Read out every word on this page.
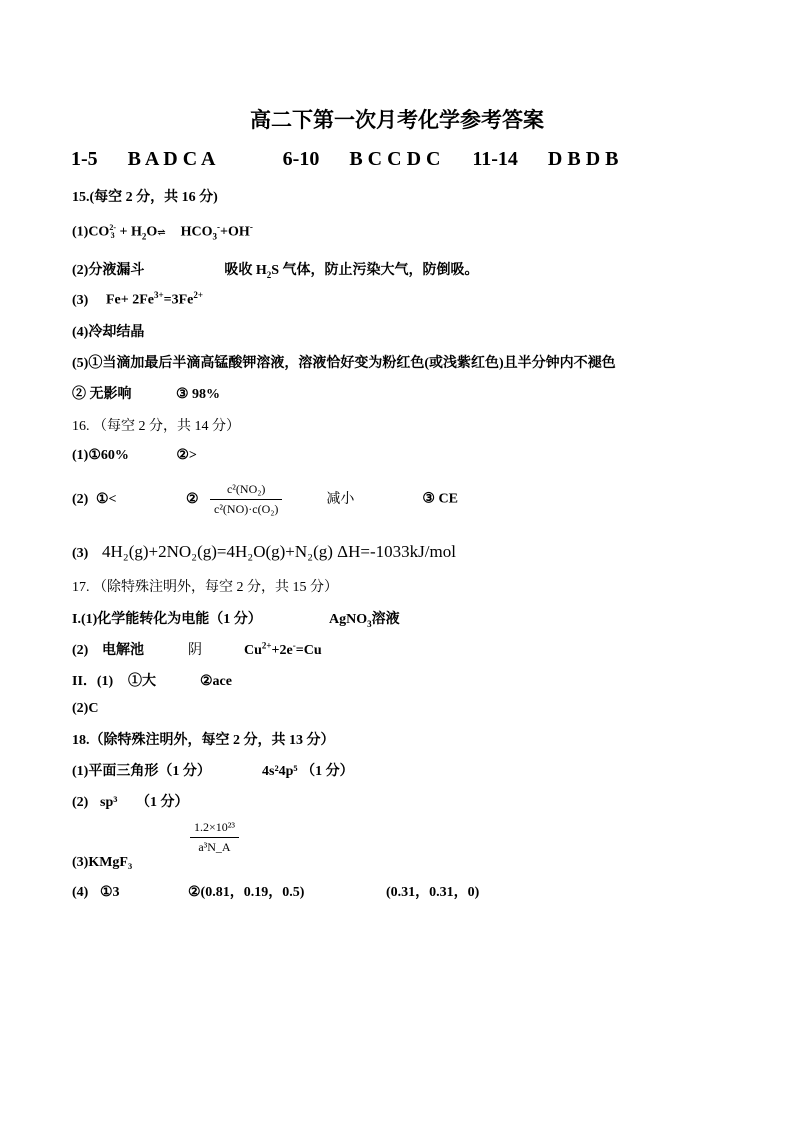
高二下第一次月考化学参考答案
1-5 B A D C A	6-10 B C C D C 11-14 D B D B
15.(每空 2 分，共 16 分)
(1)CO2-
$3 + H_2O\rightleftharpoons$ $HCO_3^-+OH^-$
(2)分液漏斗	吸收 $H_2S$ 气体，防止污染大气，防倒吸。
(3) $Fe+ 2Fe^{3+}=3Fe^{2+}$
(4)冷却结晶
(5)①当滴加最后半滴高锰酸钾溶液，溶液恰好变为粉红色(或浅紫红色)且半分钟内不褪色
② 无影响	③ 98%
16. （每空 2 分，共 14 分）
(1)①60%	②>
(2) ①<	② $\frac{\text{c²(NO₂)}}{\text{c²(NO)·c(O₂)}}$	减小	③ CE
(3) 4H₂(g)+2NO₂(g)=4H₂O(g)+N₂(g) ΔH=-1033kJ/mol
17. （除特殊注明外，每空 2 分，共 15 分）
I.(1)化学能转化为电能（1 分）	AgNO$_3$溶液
(2) 电解池	阴	$Cu^{2+}+2e^-=Cu$
II．(1) ①大	②ace
(2)C
18.（除特殊注明外，每空 2 分，共 13 分）
(1)平面三角形（1 分）	4s²4p⁵ （1 分）
(2) sp³ （1 分）
$\frac{\text{1.2×10²³}}{\text{a³N\_A}}$
(3)KMgF₃
(4) ①3	②(0.81，0.19，0.5)	(0.31，0.31，0)
